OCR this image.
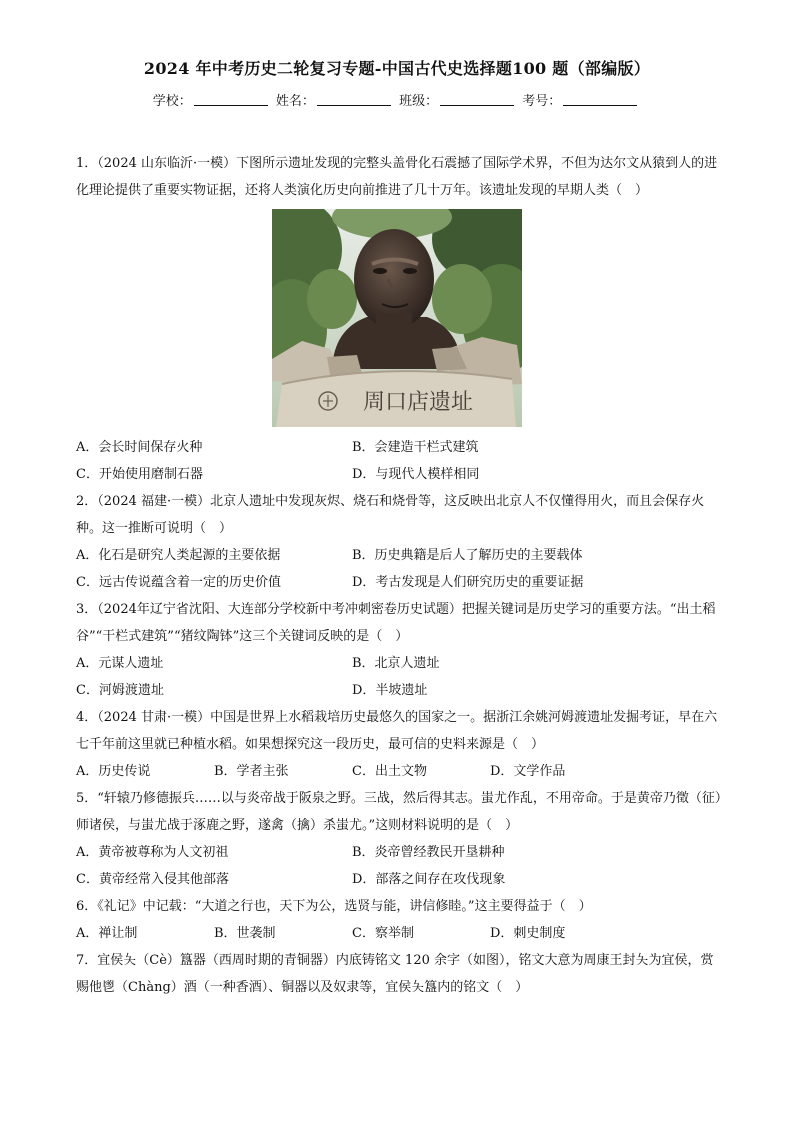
2024 年中考历史二轮复习专题-中国古代史选择题100 题（部编版）
学校：	姓名：	班级：	考号：

1．（2024 山东临沂·一模）下图所示遗址发现的完整头盖骨化石震撼了国际学术界，不但为达尔文从猿到人的进化理论提供了重要实物证据，还将人类演化历史向前推进了几十万年。该遗址发现的早期人类（　）

周口店遗址
A．会长时间保存火种	B．会建造干栏式建筑
C．开始使用磨制石器	D．与现代人模样相同

2．（2024 福建·一模）北京人遗址中发现灰烬、烧石和烧骨等，这反映出北京人不仅懂得用火，而且会保存火种。这一推断可说明（　）

A．化石是研究人类起源的主要依据	B．历史典籍是后人了解历史的主要载体
C．远古传说蕴含着一定的历史价值	D．考古发现是人们研究历史的重要证据

3．（2024年辽宁省沈阳、大连部分学校新中考冲刺密卷历史试题）把握关键词是历史学习的重要方法。“出土稻谷”“干栏式建筑”“猪纹陶钵”这三个关键词反映的是（　）

A．元谋人遗址	B．北京人遗址
C．河姆渡遗址	D．半坡遗址

4．（2024 甘肃·一模）中国是世界上水稻栽培历史最悠久的国家之一。据浙江余姚河姆渡遗址发掘考证，早在六七千年前这里就已种植水稻。如果想探究这一段历史，最可信的史料来源是（　）

A．历史传说	B．学者主张	C．出土文物	D．文学作品

5．“轩辕乃修德振兵……以与炎帝战于阪泉之野。三战，然后得其志。蚩尤作乱，不用帝命。于是黄帝乃徵（征）师诸侯，与蚩尤战于涿鹿之野，遂禽（擒）杀蚩尤。”这则材料说明的是（　）

A．黄帝被尊称为人文初祖	B．炎帝曾经教民开垦耕种
C．黄帝经常入侵其他部落	D．部落之间存在攻伐现象

6．《礼记》中记载：“大道之行也，天下为公，选贤与能，讲信修睦。”这主要得益于（　）

A．禅让制	B．世袭制	C．察举制	D．刺史制度

7．宜侯夨（Cè）簋器（西周时期的青铜器）内底铸铭文 120 余字（如图），铭文大意为周康王封夨为宜侯，赏赐他鬯（Chàng）酒（一种香酒）、铜器以及奴隶等，宜侯夨簋内的铭文（　）
